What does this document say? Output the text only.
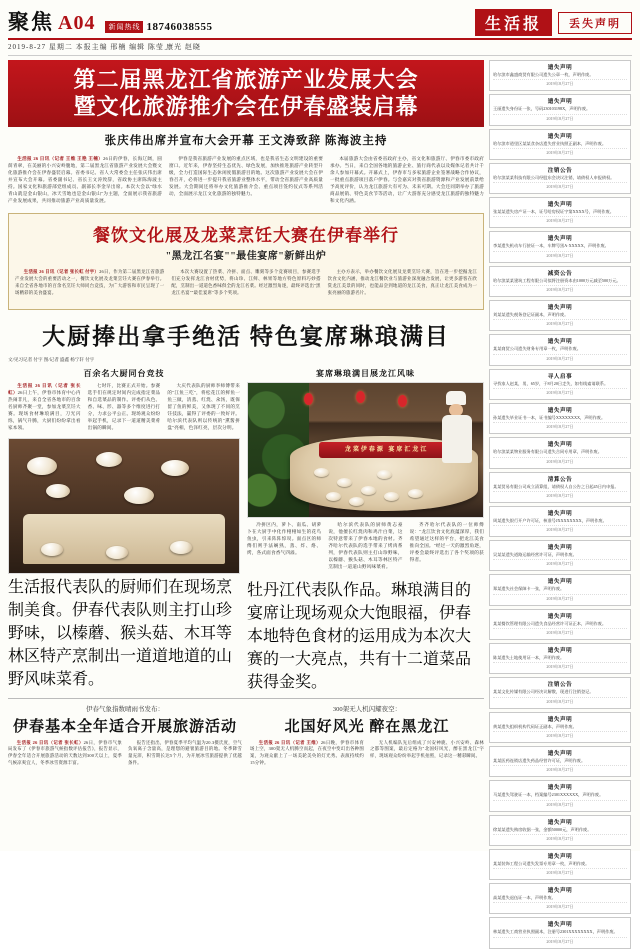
聚焦 A04	新闻热线 18746038555	生活报	丢失声明
2019-8-27 星期二 本报主编 邢楠 编辑 陈莹 ِ康光 赵晓
第二届黑龙江省旅游产业发展大会
暨文化旅游推介会在伊春盛装启幕
张庆伟出席并宣布大会开幕 王文涛致辞 陈海波主持

生活报 26 日讯（记者 王维 王艳 王楠）26日的伊春，长海辽阔，圆荫青翠，在美丽的小兴安岭腹地，第二届黑龙江省旅游产业发展大会暨文化旅游推介会在伊春盛装启幕。省委书记、省人大常委会主任张庆伟出席并宣布大会开幕。省委副书记、省长王文涛致辞，省政协主席陈海波主持。国家文化和旅游部党组成员、副部长李金早出席。本次大会以"绿水青山就是金山银山，冰天雪地也是金山银山"为主题，全面展示我省旅游产业发展成果，共同推动旅游产业高质量发展。

伊春是我省旅游产业发展的重点区域，也是我省生态文明建设的重要窗口。近年来，伊春坚持生态优先、绿色发展，加快推进旅游产业转型升级，全力打造国际生态休闲度假旅游目的地。这次旅游产业发展大会在伊春召开，必将进一步提升我省旅游业整体水平，带动全省旅游产业高质量发展。大会期间还将举办文化旅游推介会、重点项目签约仪式等系列活动，全面展示龙江文化旅游的独特魅力。

本届旅游大会由省委省政府主办，省文化和旅游厅、伊春市委市政府承办。当日，来自全国各地的旅游企业、旅行商代表以及媒体记者共计千余人参加开幕式。开幕式上，伊春市与多家旅游企业签署战略合作协议，一批重点旅游项目落户伊春。与会嘉宾对我省旅游资源和产业发展前景给予高度评价，认为龙江旅游大有可为、未来可期。大会还同期举办了旅游商品展销、特色美食节等活动，让广大游客充分感受龙江旅游的独特魅力和文化内涵。

餐饮文化展及龙菜烹饪大赛在伊春举行
"黑龙江名宴""最佳宴席"新鲜出炉

生活报 26 日讯（记者 张长虹 付宇）26日，作为第二届黑龙江省旅游产业发展大会的重要活动之一，餐饮文化展及龙菜烹饪大赛在伊春举行。来自全省各地市的百余名烹饪大师同台竞技，为广大游客和市民呈现了一场精彩的美食盛宴。

本次大赛设置了热菜、冷拼、面点、雕刻等多个竞赛项目，参赛选手们充分发挥龙江食材优势，将山珍、江鲜、林果等地方特色原料巧妙搭配，烹制出一道道色香味俱全的龙江名菜。经过激烈角逐，最终评选出"黑龙江名宴""最佳宴席"等多个奖项。

主办方表示，举办餐饮文化展及龙菜烹饪大赛，旨在进一步挖掘龙江饮食文化内涵，推动龙江餐饮业与旅游业深度融合发展，让更多游客在欣赏龙江美景的同时，也能品尝到地道的龙江美食，真正让龙江美食成为一张亮丽的旅游名片。

大厨捧出拿手绝活 特色宴席琳琅满目
文/见习记者 付宇 图/记者 盛鑫 杨宁轩 付宇
百余名大厨同台竞技

生活报 26 日讯（记者 张长虹）26日上午，伊春市体育中心内热闹非凡，来自全省各地市的百余名厨师齐聚一堂，参加龙菜烹饪大赛。现场食材琳琅满目，刀光闪烁，锅气升腾，大厨们纷纷拿出看家本领。

七时许，比赛正式开始。参赛选手们在规定时间内完成指定菜品和自选菜品的制作。评委们从色、香、味、形、器等多个维度进行打分，力求公平公正。现场观众纷纷举起手机，记录下一道道精美菜肴出锅的瞬间。

大庆代表队的厨师李师傅带来的"江鱼三吃"，将松花江的鲜鱼一鱼三做，清蒸、红烧、氽汤，既保留了鱼的鲜美，又体现了不同的烹饪技法，赢得了评委的一致好评。哈尔滨代表队则以传统的"熏酱拼盘"亮相，色泽红亮，层次分明。

生活报代表队的厨师们在现场烹制美食。伊春代表队则主打山珍野味，以榛蘑、猴头菇、木耳等林区特产烹制出一道道地道的山野风味菜肴。
宴席琳琅满目展龙江风味
龙菜伊春源 宴席汇龙江

冷拼区内，萝卜、南瓜、胡萝卜在大厨手中化作栩栩如生的花鸟鱼虫，引来阵阵惊叹。面点区的师傅们则手法娴熟，蒸、炸、烙、烤，各式面食香气四溢。

哈尔滨代表队的厨师黄志豪说，他擅长红烧肉和鸡汁白菜，这次特意带来了伊春本地的食材。齐齐哈尔代表队的选手带来了烤肉系列，伊春代表队则主打山珍野味，以榛蘑、猴头菇、木耳等林区特产烹制出一道道山野风味菜肴。

齐齐哈尔代表队的一位师傅说："龙江饮食文化底蕴深厚，我们希望通过这样的平台，把龙江美食推向全国。"经过一天的激烈角逐，评委会最终评选出了各个奖项的获得者。

牡丹江代表队作品。琳琅满目的宴席让现场观众大饱眼福，伊春本地特色食材的运用成为本次大赛的一大亮点，共有十二道菜品获得金奖。
伊春气象指数晴雨书发布：
伊春基本全年适合开展旅游活动

生活报 26 日讯（记者 张长虹）26日，伊春市气象局发布了《伊春市旅游气候指数评估报告》，报告显示，伊春全年适合开展旅游活动的天数达到300天以上，夏季气候凉爽宜人，冬季冰雪资源丰富。

报告还指出，伊春夏季平均气温为20.3摄氏度，空气负氧离子含量高，是理想的避暑旅游目的地。冬季降雪量充沛，积雪期长达5个月，为开展冰雪旅游提供了优越条件。

300架无人机闪耀夜空：
北国好风光 醉在黑龙江

生活报 26 日讯（记者 王维）26日晚，伊春市体育场上空，300架无人机腾空而起，在夜空中变幻出各种图案，为观众献上了一场美轮美奂的灯光秀。表演持续约15分钟。

无人机编队先后组成了兴安神鹿、小兴安岭、森林之都等图案，最后定格为"北国好风光，醉在黑龙江"字样，现场观众纷纷举起手机拍照，记录这一精彩瞬间。

遗失声明
哈尔滨市鑫盛商贸有限公司遗失公章一枚，声明作废。
2019年8月27日
遗失声明
王丽遗失身份证一张，号码230103198X，声明作废。
2019年8月27日
遗失声明
哈尔滨市道里区某某食杂店遗失营业执照正副本，声明作废。
2019年8月27日
注销公告
哈尔滨某某科技有限公司经股东会决议注销，请债权人申报债权。
2019年8月27日
遗失声明
张某某遗失房产证一本，证号哈房权证字第XXXX号，声明作废。
2019年8月27日
遗失声明
李某遗失机动车行驶证一本，车牌号黑A·XXXXX，声明作废。
2019年8月27日
减资公告
哈尔滨某某建筑工程有限公司拟将注册资本由1000万元减至500万元。
2019年8月27日
遗失声明
刘某某遗失税务登记证副本，声明作废。
2019年8月27日
遗失声明
某某商贸公司遗失财务专用章一枚，声明作废。
2019年8月27日
寻人启事
寻找家人赵某，男，65岁，于8月20日走失，如有线索请联系。
2019年8月27日
遗失声明
孙某遗失毕业证书一本，证书编号XXXXXXXX，声明作废。
2019年8月27日
遗失声明
哈尔滨某某物业服务有限公司遗失合同专用章，声明作废。
2019年8月27日
清算公告
某某贸易有限公司成立清算组，请债权人自公告之日起45日内申报。
2019年8月27日
遗失声明
周某遗失银行开户许可证，核准号JXXXXXXXX，声明作废。
2019年8月27日
遗失声明
吴某某遗失道路运输经营许可证，声明作废。
2019年8月27日
遗失声明
郑某遗失社会保障卡一张，声明作废。
2019年8月27日
遗失声明
某某餐饮管理有限公司遗失食品经营许可证正本，声明作废。
2019年8月27日
遗失声明
陈某遗失土地使用证一本，声明作废。
2019年8月27日
注销公告
某某文化传媒有限公司经决议解散，现进行注销登记。
2019年8月27日
遗失声明
黄某遗失组织机构代码证正副本，声明作废。
2019年8月27日
遗失声明
某某医药连锁店遗失药品经营许可证，声明作废。
2019年8月27日
遗失声明
马某遗失驾驶证一本，档案编号2301XXXXXX，声明作废。
2019年8月27日
遗失声明
徐某某遗失购房收据一张，金额50000元，声明作废。
2019年8月27日
遗失声明
某某装饰工程公司遗失发票专用章一枚，声明作废。
2019年8月27日
遗失声明
高某遗失退伍证一本，声明作废。
2019年8月27日
遗失声明
林某遗失工商营业执照副本，注册号2301XXXXXXXX，声明作废。
2019年8月27日
